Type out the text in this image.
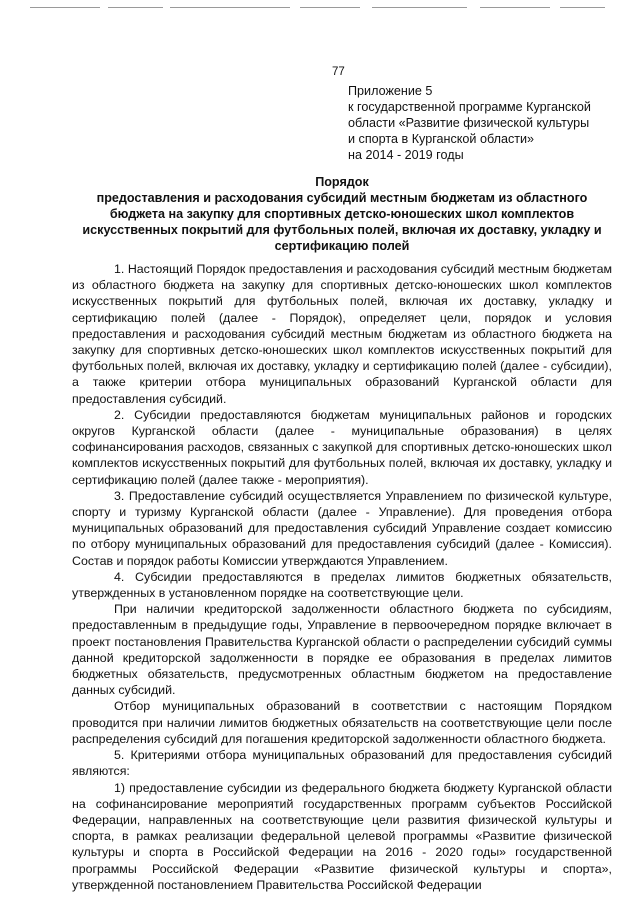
77
Приложение 5
к государственной программе Курганской
области «Развитие физической культуры
и спорта в Курганской области»
на 2014 - 2019 годы
Порядок
предоставления и расходования субсидий местным бюджетам из областного
бюджета на закупку для спортивных детско-юношеских школ комплектов
искусственных покрытий для футбольных полей, включая их доставку, укладку и
сертификацию полей

1. Настоящий Порядок предоставления и расходования субсидий местным бюджетам из областного бюджета на закупку для спортивных детско-юношеских школ комплектов искусственных покрытий для футбольных полей, включая их доставку, укладку и сертификацию полей (далее - Порядок), определяет цели, порядок и условия предоставления и расходования субсидий местным бюджетам из областного бюджета на закупку для спортивных детско-юношеских школ комплектов искусственных покрытий для футбольных полей, включая их доставку, укладку и сертификацию полей (далее - субсидии), а также критерии отбора муниципальных образований Курганской области для предоставления субсидий.

2. Субсидии предоставляются бюджетам муниципальных районов и городских округов Курганской области (далее - муниципальные образования) в целях софинансирования расходов, связанных с закупкой для спортивных детско-юношеских школ комплектов искусственных покрытий для футбольных полей, включая их доставку, укладку и сертификацию полей (далее также - мероприятия).

3. Предоставление субсидий осуществляется Управлением по физической культуре, спорту и туризму Курганской области (далее - Управление). Для проведения отбора муниципальных образований для предоставления субсидий Управление создает комиссию по отбору муниципальных образований для предоставления субсидий (далее - Комиссия). Состав и порядок работы Комиссии утверждаются Управлением.

4. Субсидии предоставляются в пределах лимитов бюджетных обязательств, утвержденных в установленном порядке на соответствующие цели.

При наличии кредиторской задолженности областного бюджета по субсидиям, предоставленным в предыдущие годы, Управление в первоочередном порядке включает в проект постановления Правительства Курганской области о распределении субсидий суммы данной кредиторской задолженности в порядке ее образования в пределах лимитов бюджетных обязательств, предусмотренных областным бюджетом на предоставление данных субсидий.

Отбор муниципальных образований в соответствии с настоящим Порядком проводится при наличии лимитов бюджетных обязательств на соответствующие цели после распределения субсидий для погашения кредиторской задолженности областного бюджета.

5. Критериями отбора муниципальных образований для предоставления субсидий являются:

1) предоставление субсидии из федерального бюджета бюджету Курганской области на софинансирование мероприятий государственных программ субъектов Российской Федерации, направленных на соответствующие цели развития физической культуры и спорта, в рамках реализации федеральной целевой программы «Развитие физической культуры и спорта в Российской Федерации на 2016 - 2020 годы» государственной программы Российской Федерации «Развитие физической культуры и спорта», утвержденной постановлением Правительства Российской Федерации
